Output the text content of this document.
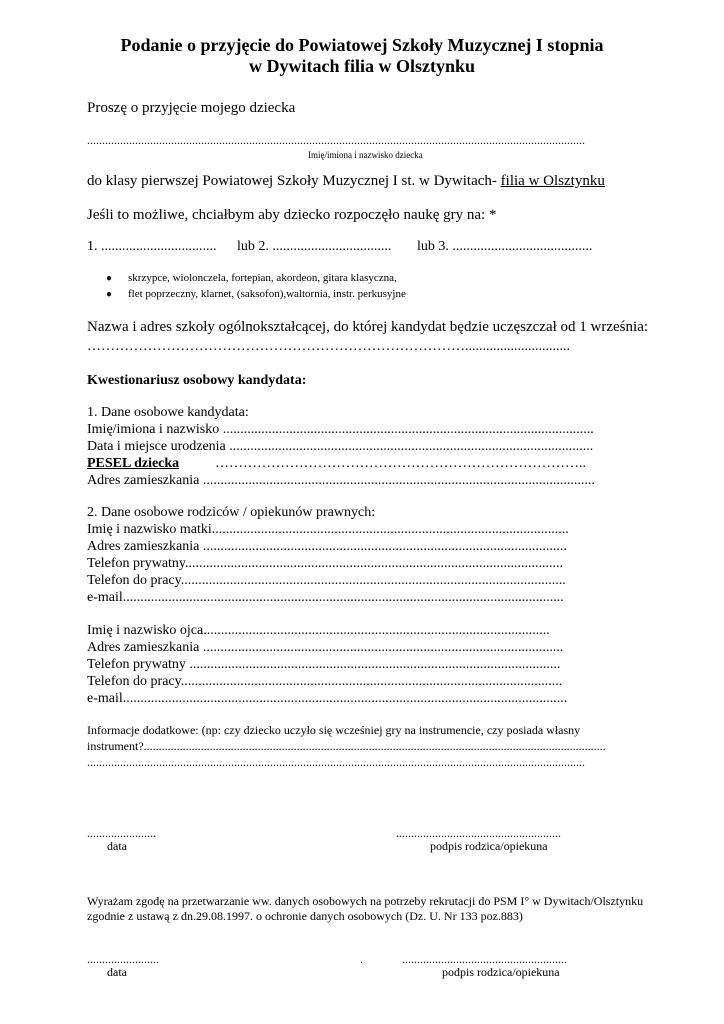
Podanie o przyjęcie do Powiatowej Szkoły Muzycznej I stopnia
w Dywitach filia w Olsztynku
Proszę o przyjęcie mojego dziecka
......................................................................................................................................................................
Imię/imiona i nazwisko dziecka
do klasy pierwszej Powiatowej Szkoły Muzycznej I st. w Dywitach- filia w Olsztynku
Jeśli to możliwe, chciałbym aby dziecko rozpoczęło naukę gry na: *
1. ................................. lub 2. .................................. lub 3. ........................................
● skrzypce, wiolonczela, fortepian, akordeon, gitara klasyczna,
● flet poprzeczny, klarnet, (saksofon),waltornia, instr. perkusyjne
Nazwa i adres szkoły ogólnokształcącej, do której kandydat będzie uczęszczał od 1 września:
………………………………………………………………………..............................
Kwestionariusz osobowy kandydata:
1. Dane osobowe kandydata:
Imię/imiona i nazwisko ..........................................................................................................
Data i miejsce urodzenia ........................................................................................................
PESEL dziecka	……………………………………………………………………..
Adres zamieszkania ................................................................................................................
2. Dane osobowe rodziców / opiekunów prawnych:
Imię i nazwisko matki......................................................................................................
Adres zamieszkania ........................................................................................................
Telefon prywatny............................................................................................................
Telefon do pracy..............................................................................................................
e-mail..............................................................................................................................
Imię i nazwisko ojca...................................................................................................
Adres zamieszkania .......................................................................................................
Telefon prywatny ..........................................................................................................
Telefon do pracy.............................................................................................................
e-mail...............................................................................................................................
Informacje dodatkowe: (np: czy dziecko uczyło się wcześniej gry na instrumencie, czy posiada własny
instrument?..........................................................................................................................................................
......................................................................................................................................................................
.......................
data
.......................................................
podpis rodzica/opiekuna
Wyrażam zgodę na przetwarzanie ww. danych osobowych na potrzeby rekrutacji do PSM I° w Dywitach/Olsztynku
zgodnie z ustawą z dn.29.08.1997. o ochronie danych osobowych (Dz. U. Nr 133 poz.883)
........................	.	.......................................................
data	podpis rodzica/opiekuna
